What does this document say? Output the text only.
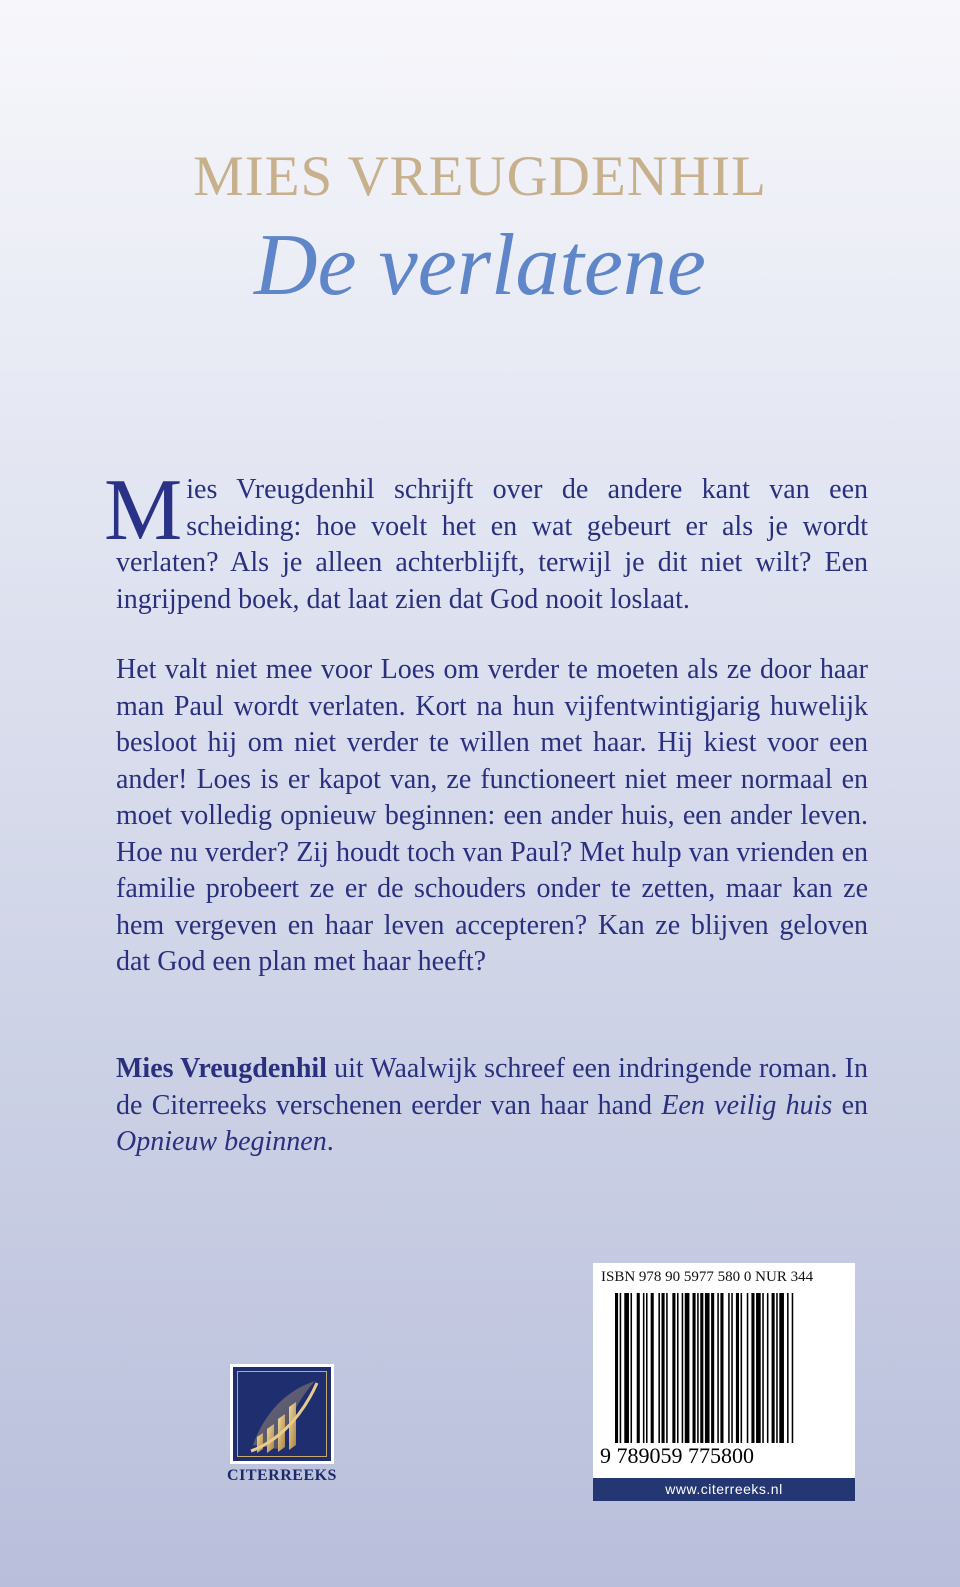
MIES VREUGDENHIL
De verlatene
Mies Vreugdenhil schrijft over de andere kant van een scheiding: hoe voelt het en wat gebeurt er als je wordt verlaten? Als je alleen achterblijft, terwijl je dit niet wilt? Een ingrijpend boek, dat laat zien dat God nooit loslaat.
Het valt niet mee voor Loes om verder te moeten als ze door haar man Paul wordt verlaten. Kort na hun vijfentwintigjarig huwelijk besloot hij om niet verder te willen met haar. Hij kiest voor een ander! Loes is er kapot van, ze functioneert niet meer normaal en moet volledig opnieuw beginnen: een ander huis, een ander leven. Hoe nu verder? Zij houdt toch van Paul? Met hulp van vrienden en familie probeert ze er de schouders onder te zetten, maar kan ze hem vergeven en haar leven accepteren? Kan ze blijven geloven dat God een plan met haar heeft?
Mies Vreugdenhil uit Waalwijk schreef een indringende roman. In de Citerreeks verschenen eerder van haar hand Een veilig huis en Opnieuw beginnen.
CITERREEKS
ISBN 978 90 5977 580 0 NUR 344
9 789059 775800
www.citerreeks.nl
